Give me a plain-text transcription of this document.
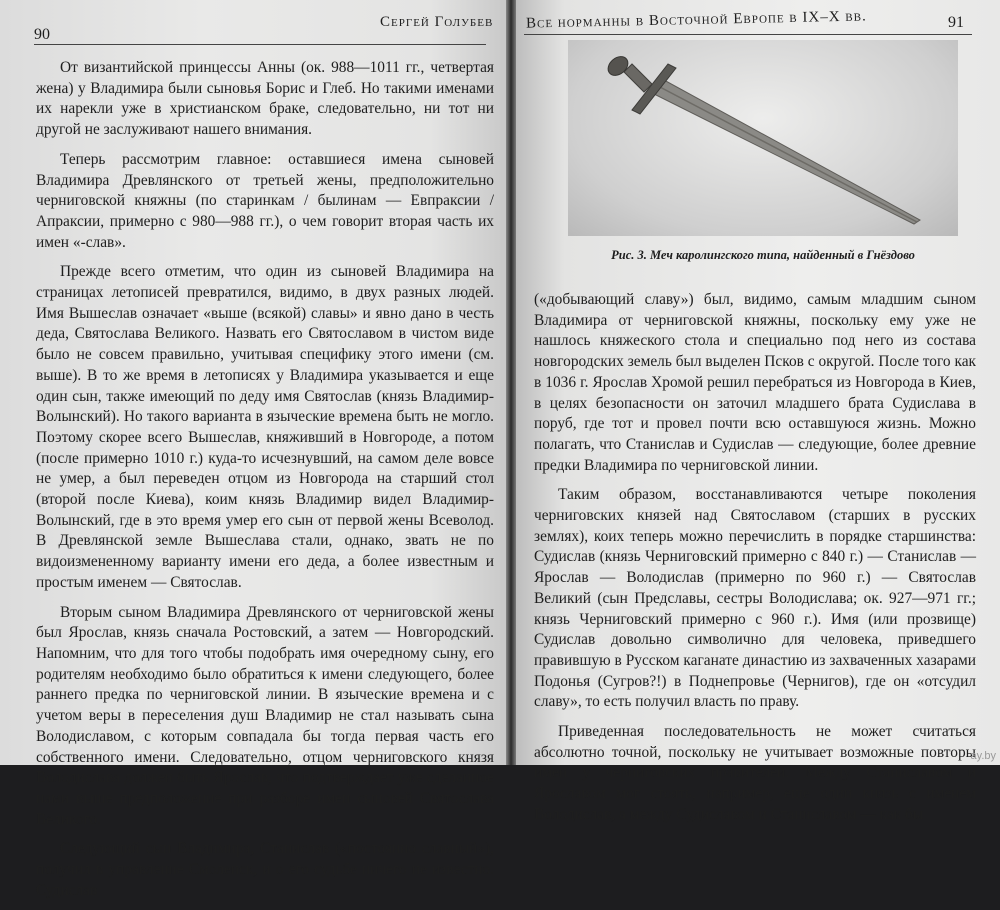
90
Сергей Голубев

От византийской принцессы Анны (ок. 988—1011 гг., четвертая жена) у Владимира были сыновья Борис и Глеб. Но такими именами их нарекли уже в христианском браке, следовательно, ни тот ни другой не заслуживают нашего внимания.

Теперь рассмотрим главное: оставшиеся имена сыновей Владимира Древлянского от третьей жены, предположительно черниговской княжны (по старинкам / былинам — Евпраксии / Апраксии, примерно с 980—988 гг.), о чем говорит вторая часть их имен «-слав».

Прежде всего отметим, что один из сыновей Владимира на страницах летописей превратился, видимо, в двух разных людей. Имя Вышеслав означает «выше (всякой) славы» и явно дано в честь деда, Святослава Великого. Назвать его Святославом в чистом виде было не совсем правильно, учитывая специфику этого имени (см. выше). В то же время в летописях у Владимира указывается и еще один сын, также имеющий по деду имя Святослав (князь Владимир-Волынский). Но такого варианта в языческие времена быть не могло. Поэтому скорее всего Вышеслав, княживший в Новгороде, а потом (после примерно 1010 г.) куда-то исчезнувший, на самом деле вовсе не умер, а был переведен отцом из Новгорода на старший стол (второй после Киева), коим князь Владимир видел Владимир-Волынский, где в это время умер его сын от первой жены Всеволод. В Древлянской земле Вышеслава стали, однако, звать не по видоизмененному варианту имени его деда, а более известным и простым именем — Святослав.

Вторым сыном Владимира Древлянского от черниговской жены был Ярослав, князь сначала Ростовский, а затем — Новгородский. Напомним, что для того чтобы подобрать имя очередному сыну, его родителям необходимо было обратиться к имени следующего, более раннего предка по черниговской линии. В языческие времена и с учетом веры в переселения душ Владимир не стал называть сына Володиславом, с которым совпадала бы тогда первая часть его собственного имени. Следовательно, отцом черниговского князя Володислава должен быть Ярослав, что подтверждает уже сделанное нами выше предположение при разборе имен сыновей Святослава Великого.

Следующий сын Владимира, Станислав («постоянно славный»), получил в управление Смоленск, и о его судьбе ничего не известно. Судислав

Все норманны в Восточной Европе в IX–X вв.	91
Рис. 3. Меч каролингского типа, найденный в Гнёздово

(«добывающий славу») был, видимо, самым младшим сыном Владимира от черниговской княжны, поскольку ему уже не нашлось княжеского стола и специально под него из состава новгородских земель был выделен Псков с округой. После того как в 1036 г. Ярослав Хромой решил перебраться из Новгорода в Киев, в целях безопасности он заточил младшего брата Судислава в поруб, где тот и провел почти всю оставшуюся жизнь. Можно полагать, что Станислав и Судислав — следующие, более древние предки Владимира по черниговской линии.

Таким образом, восстанавливаются четыре поколения черниговских князей над Святославом (старших в русских землях), коих теперь можно перечислить в порядке старшинства: Судислав (князь Черниговский примерно с 840 г.) — Станислав — Ярослав — Володислав (примерно по 960 г.) — Святослав Великий (сын Предславы, сестры Володислава; ок. 927—971 гг.; князь Черниговский примерно с 960 г.). Имя (или прозвище) Судислав довольно символично для человека, приведшего правившую в Русском каганате династию из захваченных хазарами Подонья (Сугров?!) в Поднепровье (Чернигов), где он «отсудил славу», то есть получил власть по праву.

Приведенная последовательность не может считаться абсолютно точной, поскольку не учитывает возможные повторы имен у черниговских правителей. Между Станиславом и Ярославом мог стоять, например, еще один князь с именем Володислав, а между Судиславом и Станиславом — как бы

ay.by
